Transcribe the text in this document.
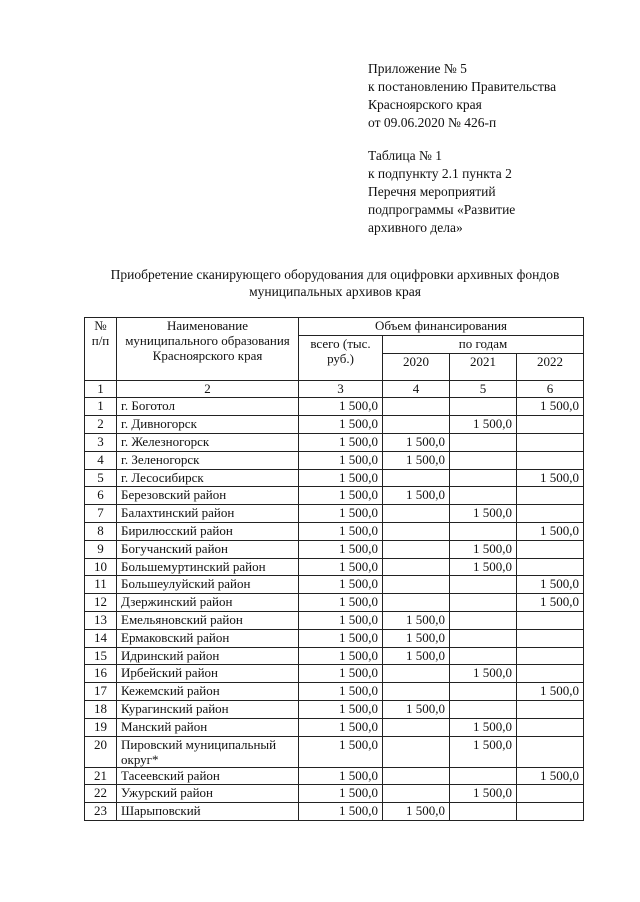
Приложение № 5
к постановлению Правительства
Красноярского края
от 09.06.2020 № 426-п
Таблица № 1
к подпункту 2.1 пункта 2
Перечня мероприятий
подпрограммы «Развитие
архивного дела»
Приобретение сканирующего оборудования для оцифровки архивных фондов
муниципальных архивов края
№ п/п	Наименование муниципального образования Красноярского края	Объем финансирования			
		всего (тыс. руб.)	по годам		
			2020	2021	2022
1	2	3	4	5	6
1	г. Боготол	1 500,0			1 500,0
2	г. Дивногорск	1 500,0		1 500,0	
3	г. Железногорск	1 500,0	1 500,0		
4	г. Зеленогорск	1 500,0	1 500,0		
5	г. Лесосибирск	1 500,0			1 500,0
6	Березовский район	1 500,0	1 500,0		
7	Балахтинский район	1 500,0		1 500,0	
8	Бирилюсский район	1 500,0			1 500,0
9	Богучанский район	1 500,0		1 500,0	
10	Большемуртинский район	1 500,0		1 500,0	
11	Большеулуйский район	1 500,0			1 500,0
12	Дзержинский район	1 500,0			1 500,0
13	Емельяновский район	1 500,0	1 500,0		
14	Ермаковский район	1 500,0	1 500,0		
15	Идринский район	1 500,0	1 500,0		
16	Ирбейский район	1 500,0		1 500,0	
17	Кежемский район	1 500,0			1 500,0
18	Курагинский район	1 500,0	1 500,0		
19	Манский район	1 500,0		1 500,0	
20	Пировский муниципальный округ*	1 500,0		1 500,0	
21	Тасеевский район	1 500,0			1 500,0
22	Ужурский район	1 500,0		1 500,0	
23	Шарыповский	1 500,0	1 500,0		
